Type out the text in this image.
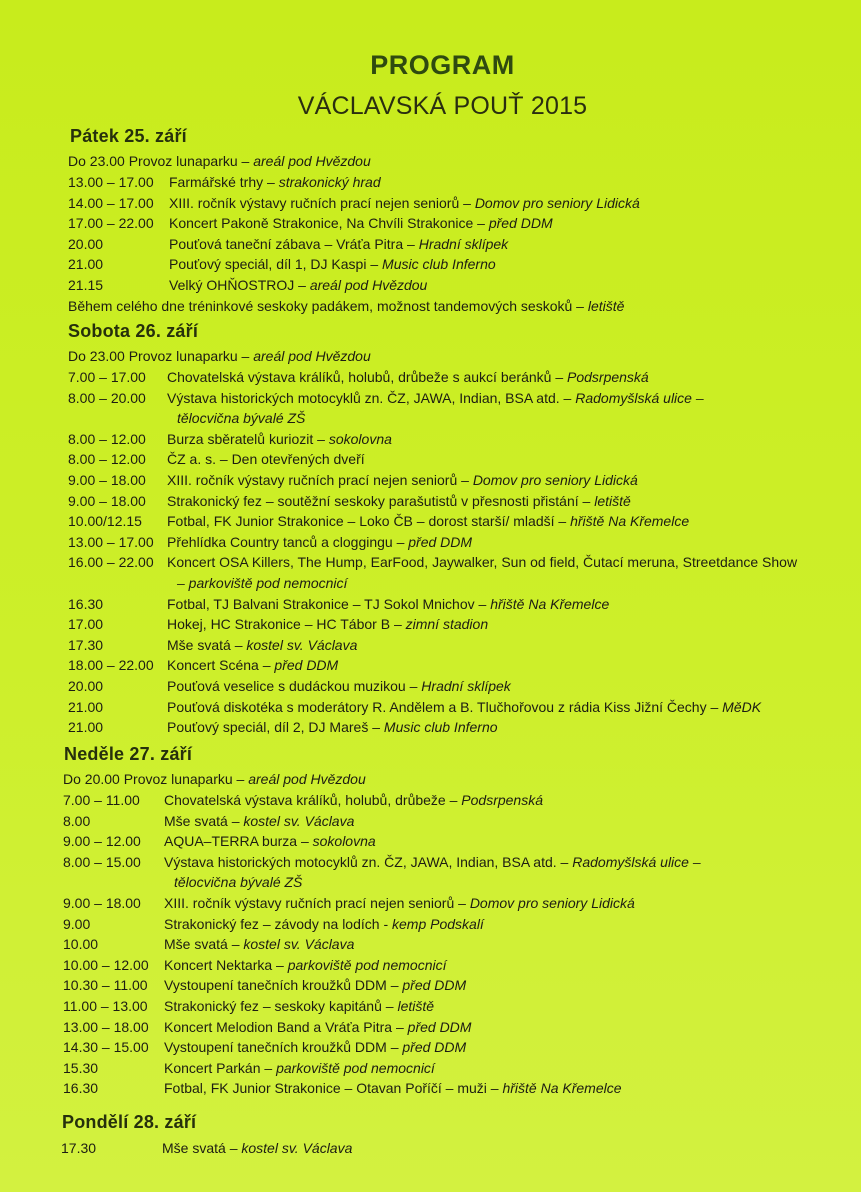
PROGRAM
VÁCLAVSKÁ POUŤ 2015
Pátek 25. září
Do 23.00 Provoz lunaparku – areál pod Hvězdou
13.00 – 17.00 Farmářské trhy – strakonický hrad
14.00 – 17.00 XIII. ročník výstavy ručních prací nejen seniorů – Domov pro seniory Lidická
17.00 – 22.00 Koncert Pakoně Strakonice, Na Chvíli Strakonice – před DDM
20.00	Pouťová taneční zábava – Vráťa Pitra – Hradní sklípek
21.00	Pouťový speciál, díl 1, DJ Kaspi – Music club Inferno
21.15	Velký OHŇOSTROJ – areál pod Hvězdou
Během celého dne tréninkové seskoky padákem, možnost tandemových seskoků – letiště
Sobota 26. září
Do 23.00 Provoz lunaparku – areál pod Hvězdou
7.00 – 17.00 Chovatelská výstava králíků, holubů, drůbeže s aukcí beránků – Podsrpenská
8.00 – 20.00 Výstava historických motocyklů zn. ČZ, JAWA, Indian, BSA atd. – Radomyšlská ulice –
tělocvična bývalé ZŠ
8.00 – 12.00 Burza sběratelů kuriozit – sokolovna
8.00 – 12.00 ČZ a. s. – Den otevřených dveří
9.00 – 18.00 XIII. ročník výstavy ručních prací nejen seniorů – Domov pro seniory Lidická
9.00 – 18.00 Strakonický fez – soutěžní seskoky parašutistů v přesnosti přistání – letiště
10.00/12.15 Fotbal, FK Junior Strakonice – Loko ČB – dorost starší/ mladší – hřiště Na Křemelce
13.00 – 17.00 Přehlídka Country tanců a cloggingu – před DDM
16.00 – 22.00 Koncert OSA Killers, The Hump, EarFood, Jaywalker, Sun od field, Čutací meruna, Streetdance Show
– parkoviště pod nemocnicí
16.30	Fotbal, TJ Balvani Strakonice – TJ Sokol Mnichov – hřiště Na Křemelce
17.00	Hokej, HC Strakonice – HC Tábor B – zimní stadion
17.30	Mše svatá – kostel sv. Václava
18.00 – 22.00 Koncert Scéna – před DDM
20.00	Pouťová veselice s dudáckou muzikou – Hradní sklípek
21.00	Pouťová diskotéka s moderátory R. Andělem a B. Tlučhořovou z rádia Kiss Jižní Čechy – MěDK
21.00	Pouťový speciál, díl 2, DJ Mareš – Music club Inferno
Neděle 27. září
Do 20.00 Provoz lunaparku – areál pod Hvězdou
7.00 – 11.00 Chovatelská výstava králíků, holubů, drůbeže – Podsrpenská
8.00	Mše svatá – kostel sv. Václava
9.00 – 12.00 AQUA–TERRA burza – sokolovna
8.00 – 15.00 Výstava historických motocyklů zn. ČZ, JAWA, Indian, BSA atd. – Radomyšlská ulice –
tělocvična bývalé ZŠ
9.00 – 18.00 XIII. ročník výstavy ručních prací nejen seniorů – Domov pro seniory Lidická
9.00	Strakonický fez – závody na lodích - kemp Podskalí
10.00	Mše svatá – kostel sv. Václava
10.00 – 12.00 Koncert Nektarka – parkoviště pod nemocnicí
10.30 – 11.00 Vystoupení tanečních kroužků DDM – před DDM
11.00 – 13.00 Strakonický fez – seskoky kapitánů – letiště
13.00 – 18.00 Koncert Melodion Band a Vráťa Pitra – před DDM
14.30 – 15.00 Vystoupení tanečních kroužků DDM – před DDM
15.30	Koncert Parkán – parkoviště pod nemocnicí
16.30	Fotbal, FK Junior Strakonice – Otavan Poříčí – muži – hřiště Na Křemelce
Pondělí 28. září
17.30	Mše svatá – kostel sv. Václava
